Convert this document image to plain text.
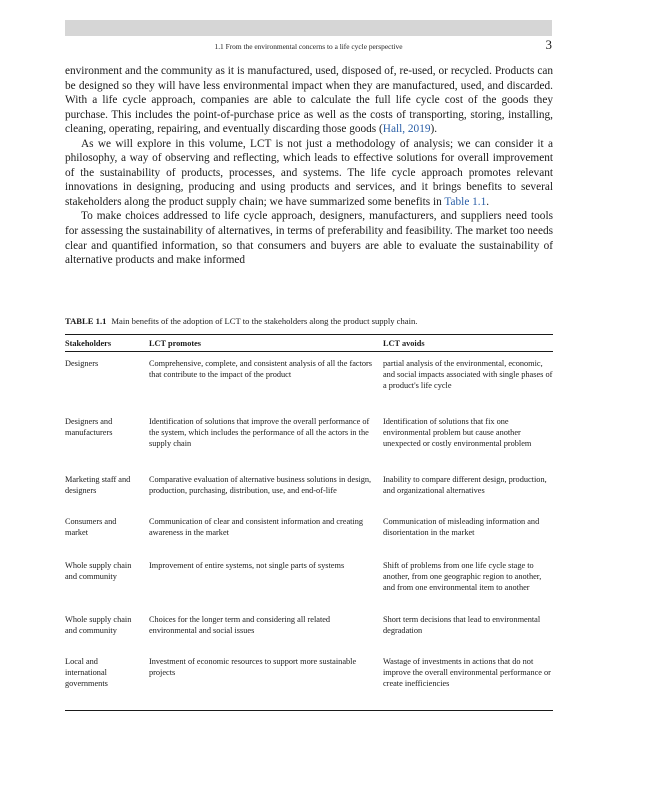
1.1 From the environmental concerns to a life cycle perspective	3

environment and the community as it is manufactured, used, disposed of, re-used, or recycled. Products can be designed so they will have less environmental impact when they are manufactured, used, and discarded. With a life cycle approach, companies are able to calculate the full life cycle cost of the goods they purchase. This includes the point-of-purchase price as well as the costs of transporting, storing, installing, cleaning, operating, repairing, and eventually discarding those goods (Hall, 2019).

As we will explore in this volume, LCT is not just a methodology of analysis; we can consider it a philosophy, a way of observing and reflecting, which leads to effective solutions for overall improvement of the sustainability of products, processes, and systems. The life cycle approach promotes relevant innovations in designing, producing and using products and services, and it brings benefits to several stakeholders along the product supply chain; we have summarized some benefits in Table 1.1.

To make choices addressed to life cycle approach, designers, manufacturers, and suppliers need tools for assessing the sustainability of alternatives, in terms of preferability and feasibility. The market too needs clear and quantified information, so that consumers and buyers are able to evaluate the sustainability of alternative products and make informed

TABLE 1.1 Main benefits of the adoption of LCT to the stakeholders along the product supply chain.
Stakeholders	LCT promotes	LCT avoids
Designers	Comprehensive, complete, and consistent analysis of all the factors that contribute to the impact of the product	partial analysis of the environmental, economic, and social impacts associated with single phases of a product's life cycle
Designers and manufacturers	Identification of solutions that improve the overall performance of the system, which includes the performance of all the actors in the supply chain	Identification of solutions that fix one environmental problem but cause another unexpected or costly environmental problem
Marketing staff and designers	Comparative evaluation of alternative business solutions in design, production, purchasing, distribution, use, and end-of-life	Inability to compare different design, production, and organizational alternatives
Consumers and market	Communication of clear and consistent information and creating awareness in the market	Communication of misleading information and disorientation in the market
Whole supply chain and community	Improvement of entire systems, not single parts of systems	Shift of problems from one life cycle stage to another, from one geographic region to another, and from one environmental item to another
Whole supply chain and community	Choices for the longer term and considering all related environmental and social issues	Short term decisions that lead to environmental degradation
Local and international governments	Investment of economic resources to support more sustainable projects	Wastage of investments in actions that do not improve the overall environmental performance or create inefficiencies
